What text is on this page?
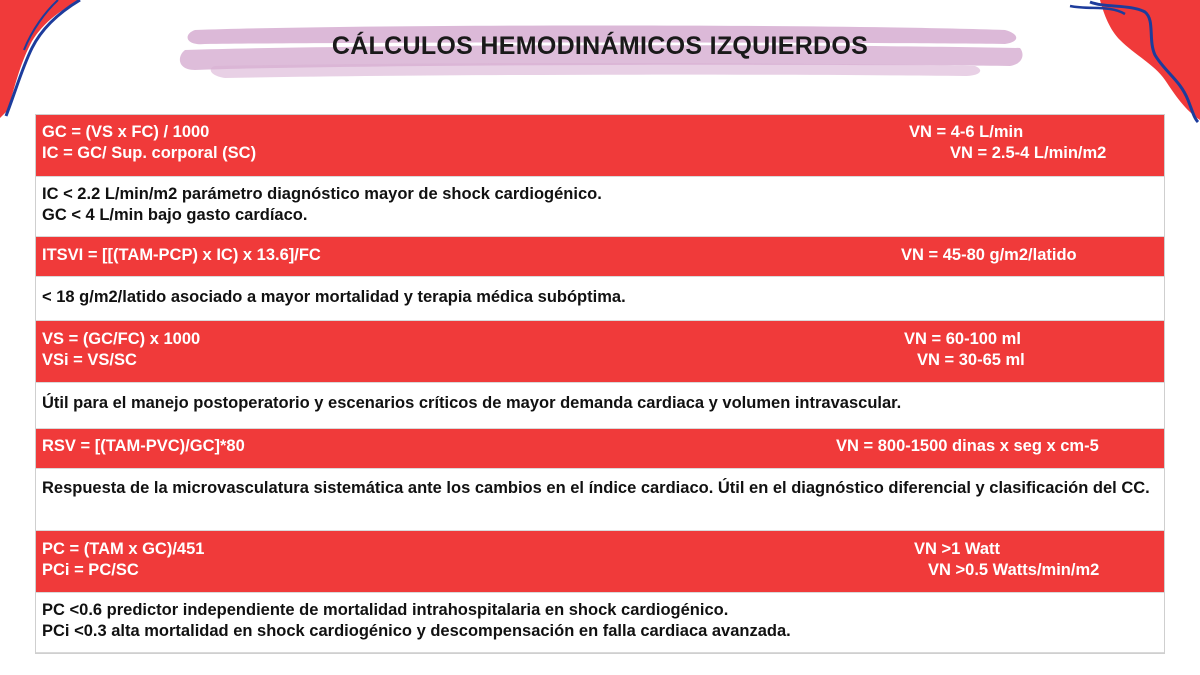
CÁLCULOS HEMODINÁMICOS IZQUIERDOS
GC = (VS x FC) / 1000	VN = 4-6 L/min
IC = GC/ Sup. corporal (SC)	VN = 2.5-4 L/min/m2
IC < 2.2 L/min/m2 parámetro diagnóstico mayor de shock cardiogénico.
GC < 4 L/min bajo gasto cardíaco.
ITSVI = [[(TAM-PCP) x IC) x 13.6]/FC	VN = 45-80 g/m2/latido
< 18 g/m2/latido asociado a mayor mortalidad y terapia médica subóptima.
VS = (GC/FC) x 1000	VN = 60-100 ml
VSi = VS/SC	VN = 30-65 ml
Útil para el manejo postoperatorio y escenarios críticos de mayor demanda cardiaca y volumen intravascular.
RSV = [(TAM-PVC)/GC]*80	VN = 800-1500 dinas x seg x cm-5
Respuesta de la microvasculatura sistemática ante los cambios en el índice cardiaco. Útil en el diagnóstico diferencial y clasificación del CC.
PC = (TAM x GC)/451	VN >1 Watt
PCi = PC/SC	VN >0.5 Watts/min/m2
PC <0.6 predictor independiente de mortalidad intrahospitalaria en shock cardiogénico.
PCi <0.3 alta mortalidad en shock cardiogénico y descompensación en falla cardiaca avanzada.
